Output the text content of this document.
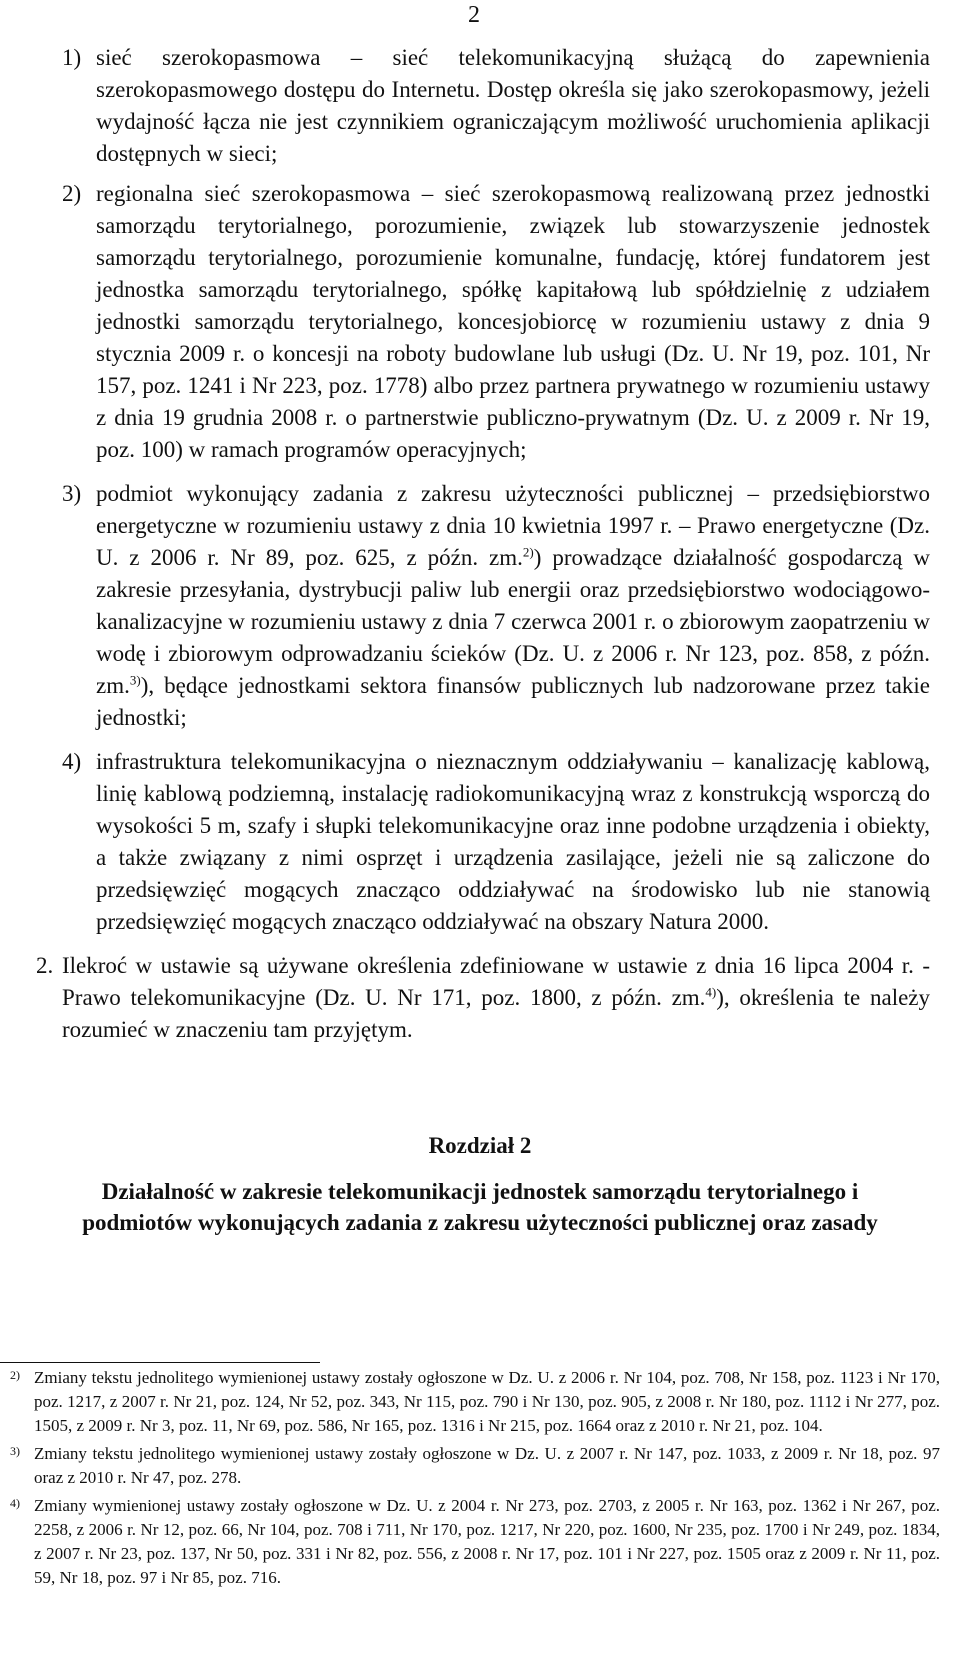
2
1) sieć szerokopasmowa – sieć telekomunikacyjną służącą do zapewnienia szerokopasmowego dostępu do Internetu. Dostęp określa się jako szerokopasmowy, jeżeli wydajność łącza nie jest czynnikiem ograniczającym możliwość uruchomienia aplikacji dostępnych w sieci;
2) regionalna sieć szerokopasmowa – sieć szerokopasmową realizowaną przez jednostki samorządu terytorialnego, porozumienie, związek lub stowarzyszenie jednostek samorządu terytorialnego, porozumienie komunalne, fundację, której fundatorem jest jednostka samorządu terytorialnego, spółkę kapitałową lub spółdzielnię z udziałem jednostki samorządu terytorialnego, koncesjobiorcę w rozumieniu ustawy z dnia 9 stycznia 2009 r. o koncesji na roboty budowlane lub usługi (Dz. U. Nr 19, poz. 101, Nr 157, poz. 1241 i Nr 223, poz. 1778) albo przez partnera prywatnego w rozumieniu ustawy z dnia 19 grudnia 2008 r. o partnerstwie publiczno-prywatnym (Dz. U. z 2009 r. Nr 19, poz. 100) w ramach programów operacyjnych;
3) podmiot wykonujący zadania z zakresu użyteczności publicznej – przedsiębiorstwo energetyczne w rozumieniu ustawy z dnia 10 kwietnia 1997 r. – Prawo energetyczne (Dz. U. z 2006 r. Nr 89, poz. 625, z późn. zm.$^{2)}$) prowadzące działalność gospodarczą w zakresie przesyłania, dystrybucji paliw lub energii oraz przedsiębiorstwo wodociągowo-kanalizacyjne w rozumieniu ustawy z dnia 7 czerwca 2001 r. o zbiorowym zaopatrzeniu w wodę i zbiorowym odprowadzaniu ścieków (Dz. U. z 2006 r. Nr 123, poz. 858, z późn. zm.$^{3)}$), będące jednostkami sektora finansów publicznych lub nadzorowane przez takie jednostki;
4) infrastruktura telekomunikacyjna o nieznacznym oddziaływaniu – kanalizację kablową, linię kablową podziemną, instalację radiokomunikacyjną wraz z konstrukcją wsporczą do wysokości 5 m, szafy i słupki telekomunikacyjne oraz inne podobne urządzenia i obiekty, a także związany z nimi osprzęt i urządzenia zasilające, jeżeli nie są zaliczone do przedsięwzięć mogących znacząco oddziaływać na środowisko lub nie stanowią przedsięwzięć mogących znacząco oddziaływać na obszary Natura 2000.
2. Ilekroć w ustawie są używane określenia zdefiniowane w ustawie z dnia 16 lipca 2004 r. - Prawo telekomunikacyjne (Dz. U. Nr 171, poz. 1800, z późn. zm.$^{4)}$), określenia te należy rozumieć w znaczeniu tam przyjętym.
Rozdział 2
Działalność w zakresie telekomunikacji jednostek samorządu terytorialnego i
podmiotów wykonujących zadania z zakresu użyteczności publicznej oraz zasady
2) Zmiany tekstu jednolitego wymienionej ustawy zostały ogłoszone w Dz. U. z 2006 r. Nr 104, poz. 708, Nr 158, poz. 1123 i Nr 170, poz. 1217, z 2007 r. Nr 21, poz. 124, Nr 52, poz. 343, Nr 115, poz. 790 i Nr 130, poz. 905, z 2008 r. Nr 180, poz. 1112 i Nr 277, poz. 1505, z 2009 r. Nr 3, poz. 11, Nr 69, poz. 586, Nr 165, poz. 1316 i Nr 215, poz. 1664 oraz z 2010 r. Nr 21, poz. 104.
3) Zmiany tekstu jednolitego wymienionej ustawy zostały ogłoszone w Dz. U. z 2007 r. Nr 147, poz. 1033, z 2009 r. Nr 18, poz. 97 oraz z 2010 r. Nr 47, poz. 278.
4) Zmiany wymienionej ustawy zostały ogłoszone w Dz. U. z 2004 r. Nr 273, poz. 2703, z 2005 r. Nr 163, poz. 1362 i Nr 267, poz. 2258, z 2006 r. Nr 12, poz. 66, Nr 104, poz. 708 i 711, Nr 170, poz. 1217, Nr 220, poz. 1600, Nr 235, poz. 1700 i Nr 249, poz. 1834, z 2007 r. Nr 23, poz. 137, Nr 50, poz. 331 i Nr 82, poz. 556, z 2008 r. Nr 17, poz. 101 i Nr 227, poz. 1505 oraz z 2009 r. Nr 11, poz. 59, Nr 18, poz. 97 i Nr 85, poz. 716.
